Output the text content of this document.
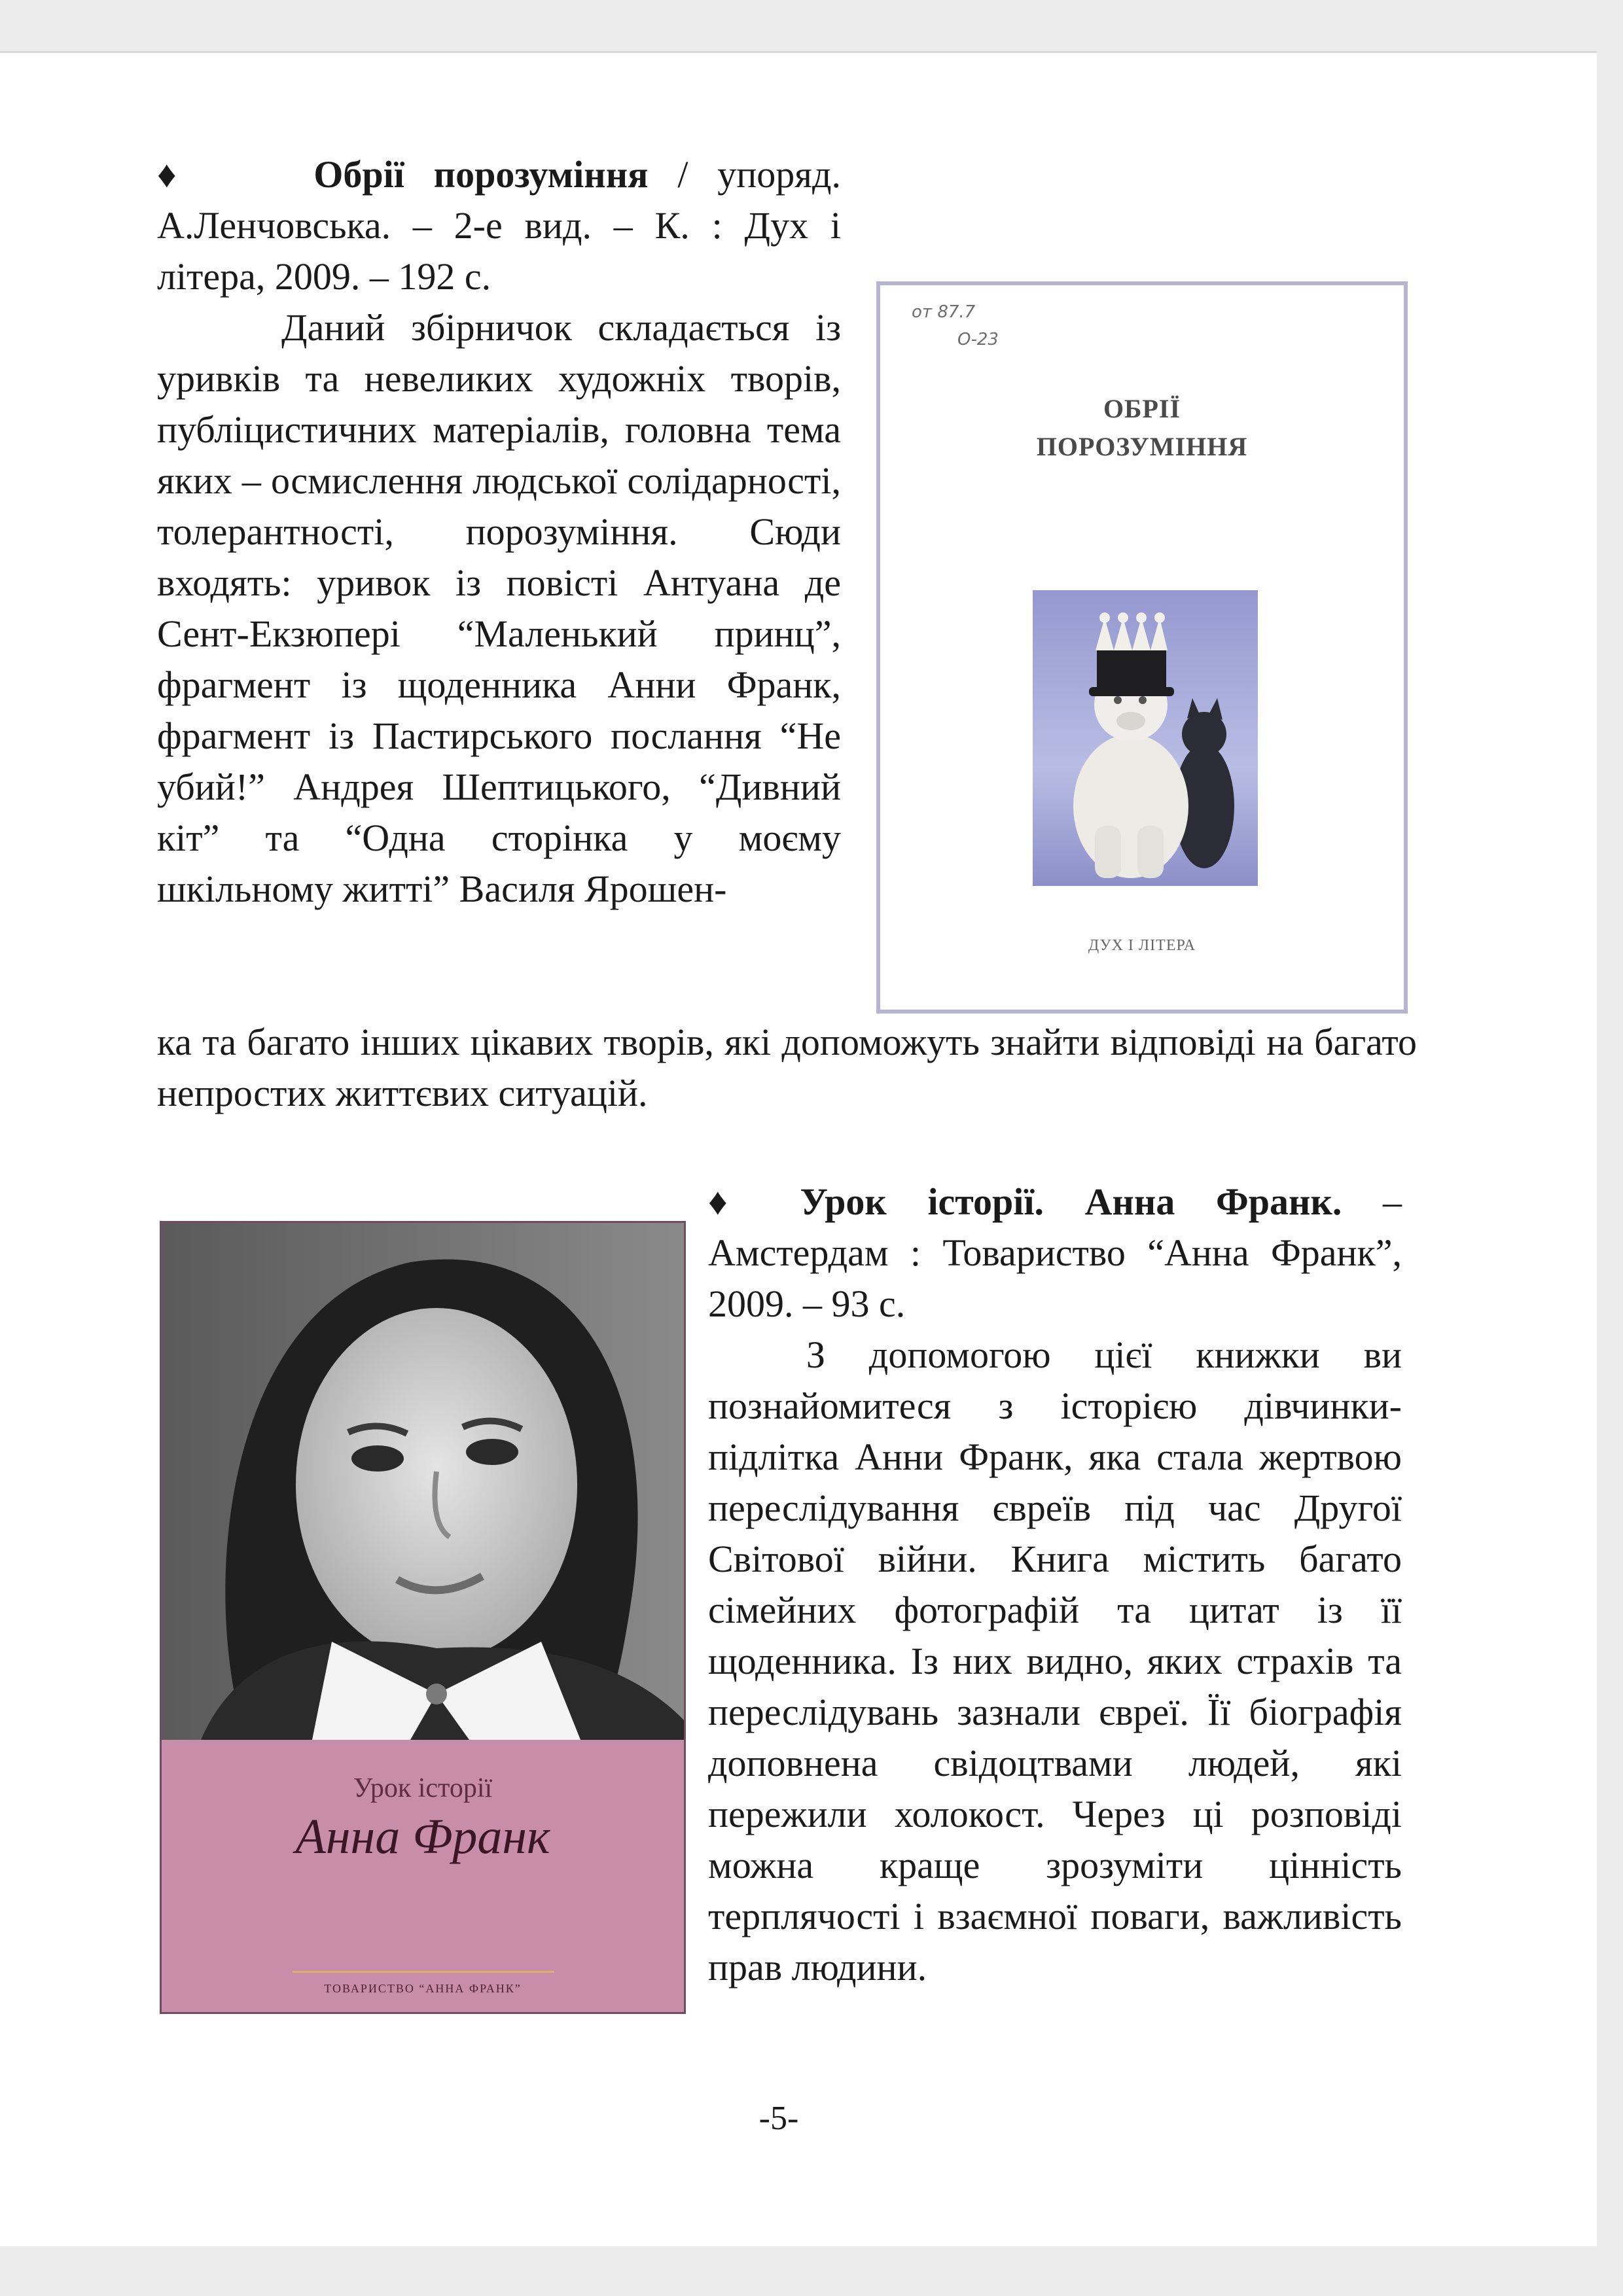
♦	Обрії порозуміння / упоряд. А.Ленчовська. – 2-е вид. – К. : Дух і літера, 2009. – 192 с.

Даний збірничок складається із уривків та невеликих художніх творів, публіцистичних матеріалів, головна тема яких – осмислення людської солідарності, толерантності, порозуміння. Сюди входять: уривок із повісті Антуана де Сент-Екзюпері “Маленький принц”, фрагмент із щоденника Анни Франк, фрагмент із Пастирського послання “Не убий!” Андрея Шептицького, “Дивний кіт” та “Одна сторінка у моєму шкільному житті” Василя Ярошен-

ка та багато інших цікавих творів, які допоможуть знайти відповіді на багато непростих життєвих ситуацій.

от 87.7
О-23
ОБРІЇ
ПОРОЗУМІННЯ
ДУХ І ЛІТЕРА
Урок історії
Анна Франк
ТОВАРИСТВО “АННА ФРАНК”

♦ Урок історії. Анна Франк. – Амстердам : Товариство “Анна Франк”, 2009. – 93 с.

З допомогою цієї книжки ви познайомитеся з історією дівчинки-підлітка Анни Франк, яка стала жертвою переслідування євреїв під час Другої Світової війни. Книга містить багато сімейних фотографій та цитат із її щоденника. Із них видно, яких страхів та переслідувань зазнали євреї. Її біографія доповнена свідоцтвами людей, які пережили холокост. Через ці розповіді можна краще зрозуміти цінність терплячості і взаємної поваги, важливість прав людини.

-5-
